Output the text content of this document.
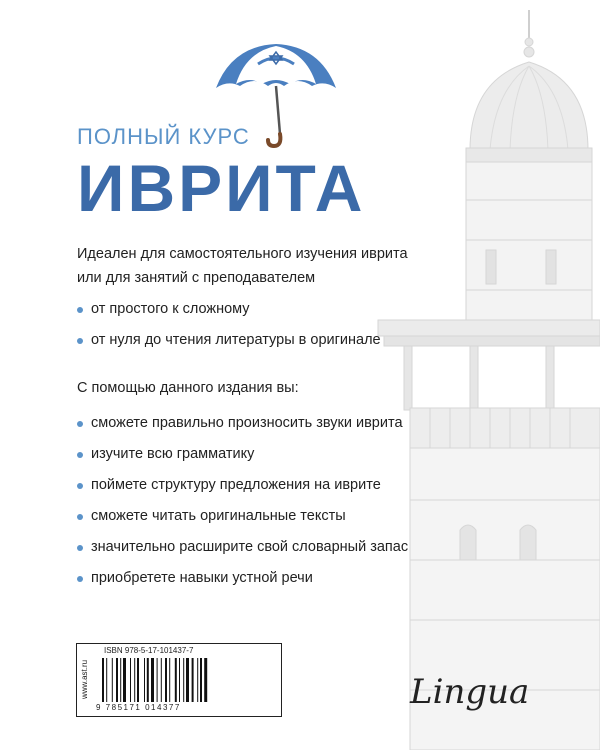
ПОЛНЫЙ КУРС
ИВРИТА
Идеален для самостоятельного изучения иврита или для занятий с преподавателем
от простого к сложному
от нуля до чтения литературы в оригинале
С помощью данного издания вы:
сможете правильно произносить звуки иврита
изучите всю грамматику
поймете структуру предложения на иврите
сможете читать оригинальные тексты
значительно расширите свой словарный запас
приобретете навыки устной речи
www.ast.ru
ISBN 978-5-17-101437-7
9 785171 014377	Lingua
